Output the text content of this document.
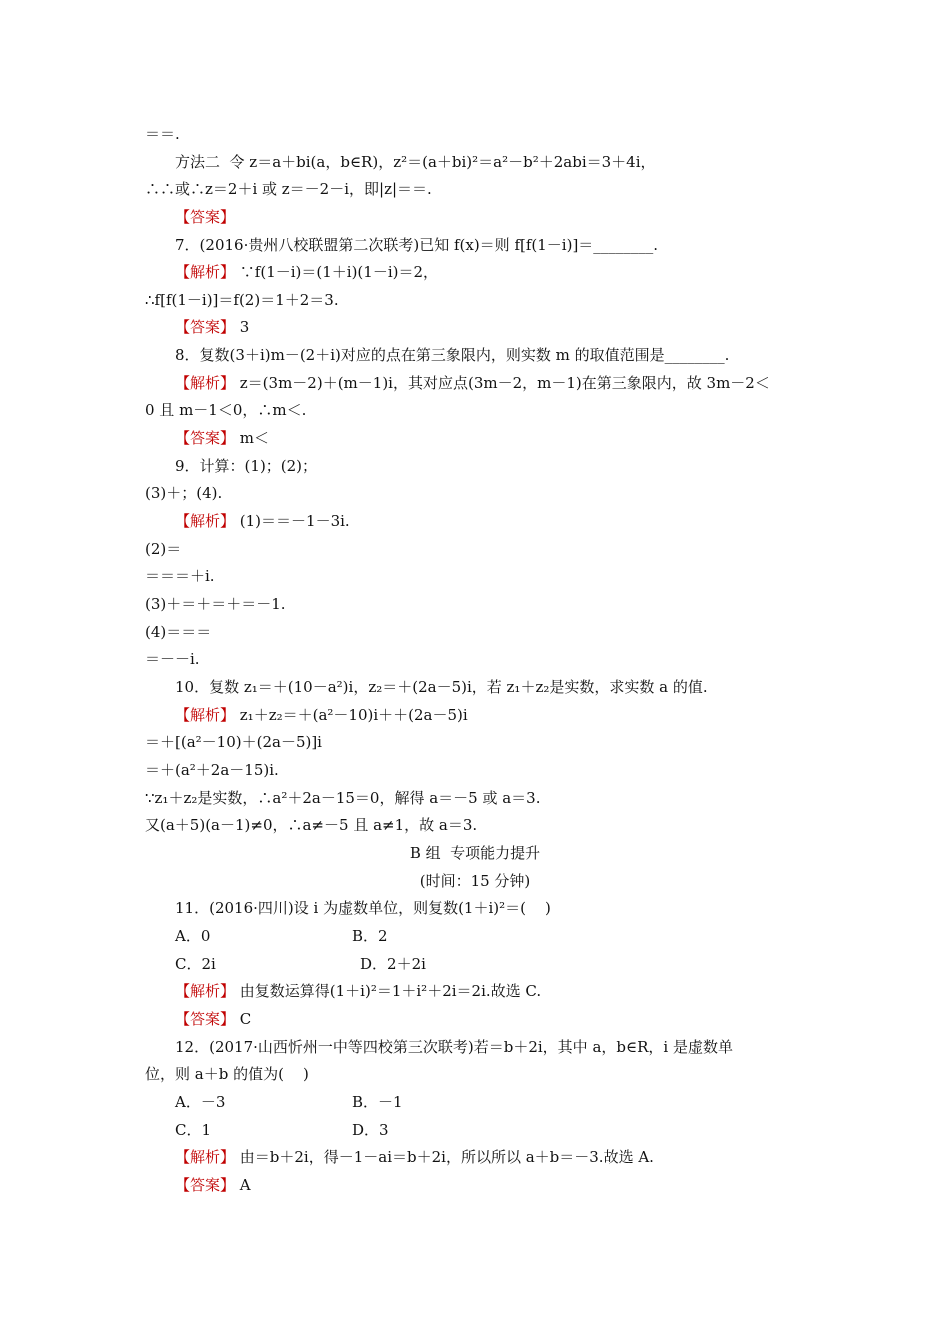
＝＝.
方法二  令 z＝a＋bi(a，b∈R)，z²＝(a＋bi)²＝a²－b²＋2abi＝3＋4i，
∴∴或∴z＝2＋i 或 z＝－2－i，即|z|＝＝.
【答案】
7．(2016·贵州八校联盟第二次联考)已知 f(x)＝则 f[f(1－i)]＝________.
【解析】 ∵f(1－i)＝(1＋i)(1－i)＝2，
∴f[f(1－i)]＝f(2)＝1＋2＝3.
【答案】 3
8．复数(3＋i)m－(2＋i)对应的点在第三象限内，则实数 m 的取值范围是________.
【解析】 z＝(3m－2)＋(m－1)i，其对应点(3m－2，m－1)在第三象限内，故 3m－2＜
0 且 m－1＜0，∴m＜.
【答案】 m＜
9．计算：(1)；(2)；
(3)＋；(4).
【解析】 (1)＝＝－1－3i.
(2)＝
＝＝＝＋i.
(3)＋＝＋＝＋＝－1.
(4)＝＝＝
＝－－i.
10．复数 z₁＝＋(10－a²)i，z₂＝＋(2a－5)i，若 z₁＋z₂是实数，求实数 a 的值.
【解析】 z₁＋z₂＝＋(a²－10)i＋＋(2a－5)i
＝＋[(a²－10)＋(2a－5)]i
＝＋(a²＋2a－15)i.
∵z₁＋z₂是实数，∴a²＋2a－15＝0，解得 a＝－5 或 a＝3.
又(a＋5)(a－1)≠0，∴a≠－5 且 a≠1，故 a＝3.
B 组  专项能力提升
(时间：15 分钟)
11．(2016·四川)设 i 为虚数单位，则复数(1＋i)²＝(    )
A．0	B．2
C．2i	D．2＋2i
【解析】 由复数运算得(1＋i)²＝1＋i²＋2i＝2i.故选 C.
【答案】 C
12．(2017·山西忻州一中等四校第三次联考)若＝b＋2i，其中 a，b∈R，i 是虚数单
位，则 a＋b 的值为(    )
A．－3	B．－1
C．1	D．3
【解析】 由＝b＋2i，得－1－ai＝b＋2i，所以所以 a＋b＝－3.故选 A.
【答案】 A
